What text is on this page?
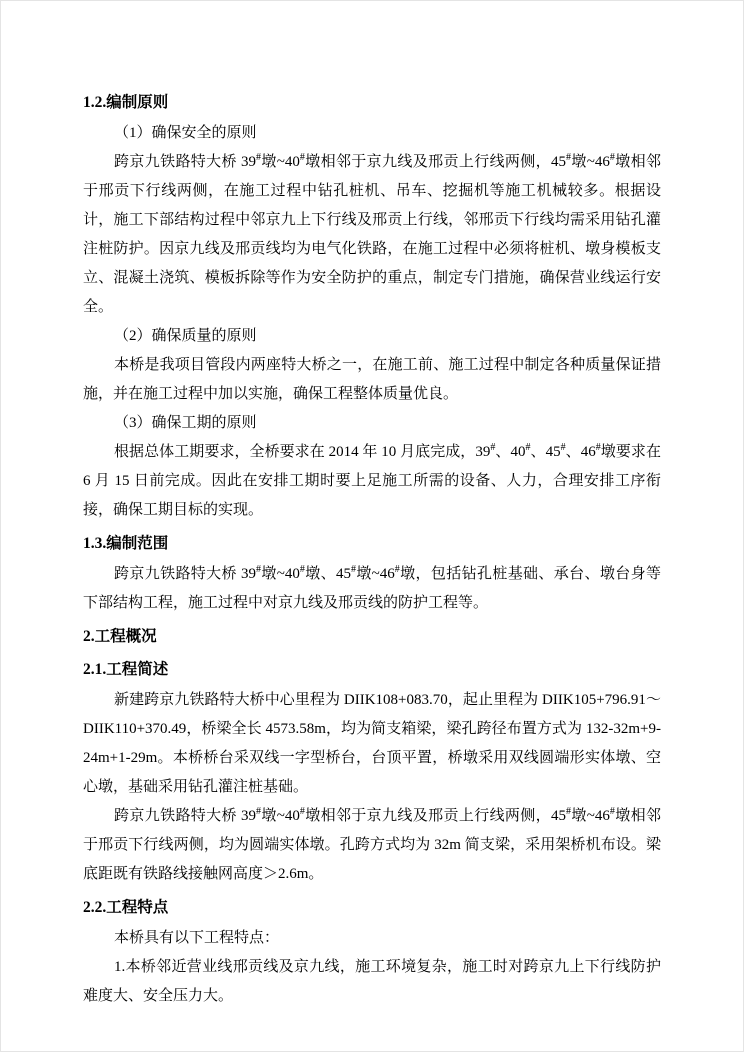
1.2.编制原则

（1）确保安全的原则

跨京九铁路特大桥 39#墩~40#墩相邻于京九线及邢贡上行线两侧，45#墩~46#墩相邻于邢贡下行线两侧，在施工过程中钻孔桩机、吊车、挖掘机等施工机械较多。根据设计，施工下部结构过程中邻京九上下行线及邢贡上行线，邻邢贡下行线均需采用钻孔灌注桩防护。因京九线及邢贡线均为电气化铁路，在施工过程中必须将桩机、墩身模板支立、混凝土浇筑、模板拆除等作为安全防护的重点，制定专门措施，确保营业线运行安全。

（2）确保质量的原则

本桥是我项目管段内两座特大桥之一，在施工前、施工过程中制定各种质量保证措施，并在施工过程中加以实施，确保工程整体质量优良。

（3）确保工期的原则

根据总体工期要求，全桥要求在 2014 年 10 月底完成，39#、40#、45#、46#墩要求在 6 月 15 日前完成。因此在安排工期时要上足施工所需的设备、人力，合理安排工序衔接，确保工期目标的实现。

1.3.编制范围

跨京九铁路特大桥 39#墩~40#墩、45#墩~46#墩，包括钻孔桩基础、承台、墩台身等下部结构工程，施工过程中对京九线及邢贡线的防护工程等。

2.工程概况

2.1.工程简述

新建跨京九铁路特大桥中心里程为 DIIK108+083.70，起止里程为 DIIK105+796.91～DIIK110+370.49，桥梁全长 4573.58m，均为简支箱梁，梁孔跨径布置方式为 132-32m+9-24m+1-29m。本桥桥台采双线一字型桥台，台顶平置，桥墩采用双线圆端形实体墩、空心墩，基础采用钻孔灌注桩基础。

跨京九铁路特大桥 39#墩~40#墩相邻于京九线及邢贡上行线两侧，45#墩~46#墩相邻于邢贡下行线两侧，均为圆端实体墩。孔跨方式均为 32m 简支梁，采用架桥机布设。梁底距既有铁路线接触网高度＞2.6m。

2.2.工程特点

本桥具有以下工程特点：

1.本桥邻近营业线邢贡线及京九线，施工环境复杂，施工时对跨京九上下行线防护难度大、安全压力大。
